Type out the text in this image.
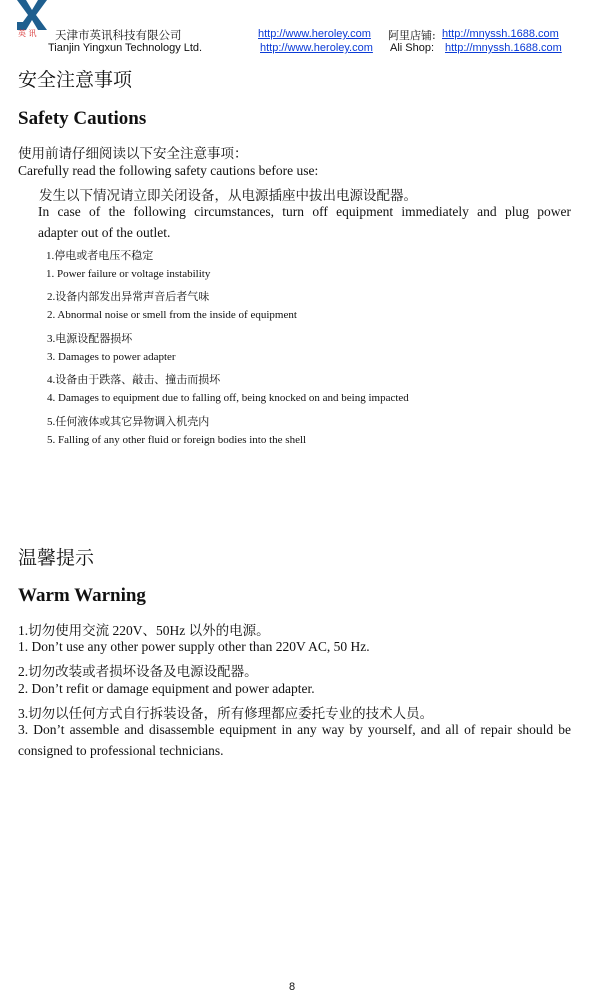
英 讯 天津市英讯科技有限公司
Tianjin Yingxun Technology Ltd.
http://www.heroley.com
http://www.heroley.com
阿里店铺: http://mnyssh.1688.com
Ali Shop: http://mnyssh.1688.com
安全注意事项
Safety Cautions
使用前请仔细阅读以下安全注意事项：
Carefully read the following safety cautions before use:
发生以下情况请立即关闭设备，从电源插座中拔出电源设配器。
In case of the following circumstances, turn off equipment immediately and plug power
adapter out of the outlet.
1.停电或者电压不稳定
1. Power failure or voltage instability
2.设备内部发出异常声音后者气味
2. Abnormal noise or smell from the inside of equipment
3.电源设配器损坏
3. Damages to power adapter
4.设备由于跌落、敲击、撞击而损坏
4. Damages to equipment due to falling off, being knocked on and being impacted
5.任何液体或其它异物调入机壳内
5. Falling of any other fluid or foreign bodies into the shell
温馨提示
Warm Warning
1.切勿使用交流 220V、50Hz 以外的电源。
1. Don’t use any other power supply other than 220V AC, 50 Hz.
2.切勿改装或者损坏设备及电源设配器。
2. Don’t refit or damage equipment and power adapter.
3.切勿以任何方式自行拆装设备，所有修理都应委托专业的技术人员。
3. Don’t assemble and disassemble equipment in any way by yourself, and all of repair should be
consigned to professional technicians.
8
